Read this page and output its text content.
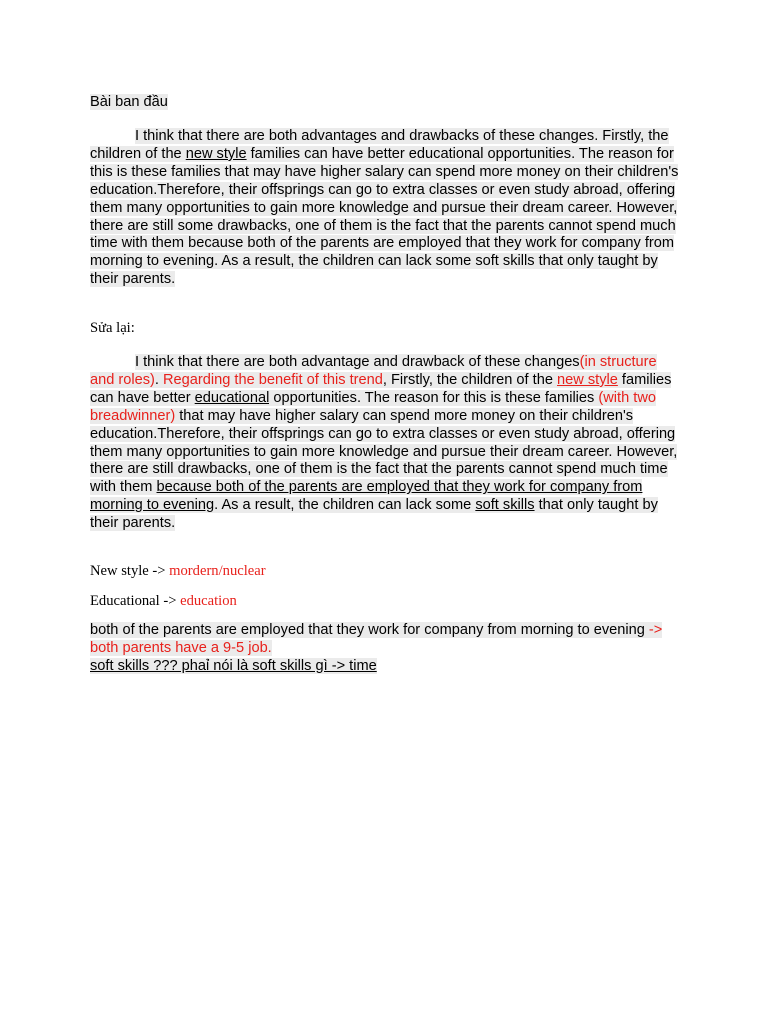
Bài ban đầu
I think that there are both advantages and drawbacks of these changes. Firstly, the children of the new style families can have better educational opportunities. The reason for this is these families that may have higher salary can spend more money on their children's education.Therefore, their offsprings can go to extra classes or even study abroad, offering them many opportunities to gain more knowledge and pursue their dream career. However, there are still some drawbacks, one of them is the fact that the parents cannot spend much time with them because both of the parents are employed that they work for company from morning to evening. As a result, the children can lack some soft skills that only taught by their parents.
Sửa lại:
I think that there are both advantage and drawback of these changes(in structure and roles). Regarding the benefit of this trend, Firstly, the children of the new style families can have better educational opportunities. The reason for this is these families (with two breadwinner) that may have higher salary can spend more money on their children's education.Therefore, their offsprings can go to extra classes or even study abroad, offering them many opportunities to gain more knowledge and pursue their dream career. However, there are still drawbacks, one of them is the fact that the parents cannot spend much time with them because both of the parents are employed that they work for company from morning to evening. As a result, the children can lack some soft skills that only taught by their parents.
New style -> mordern/nuclear
Educational -> education
both of the parents are employed that they work for company from morning to evening -> both parents have a 9-5 job.
soft skills ??? phaỉ nói là soft skills gì -> time
